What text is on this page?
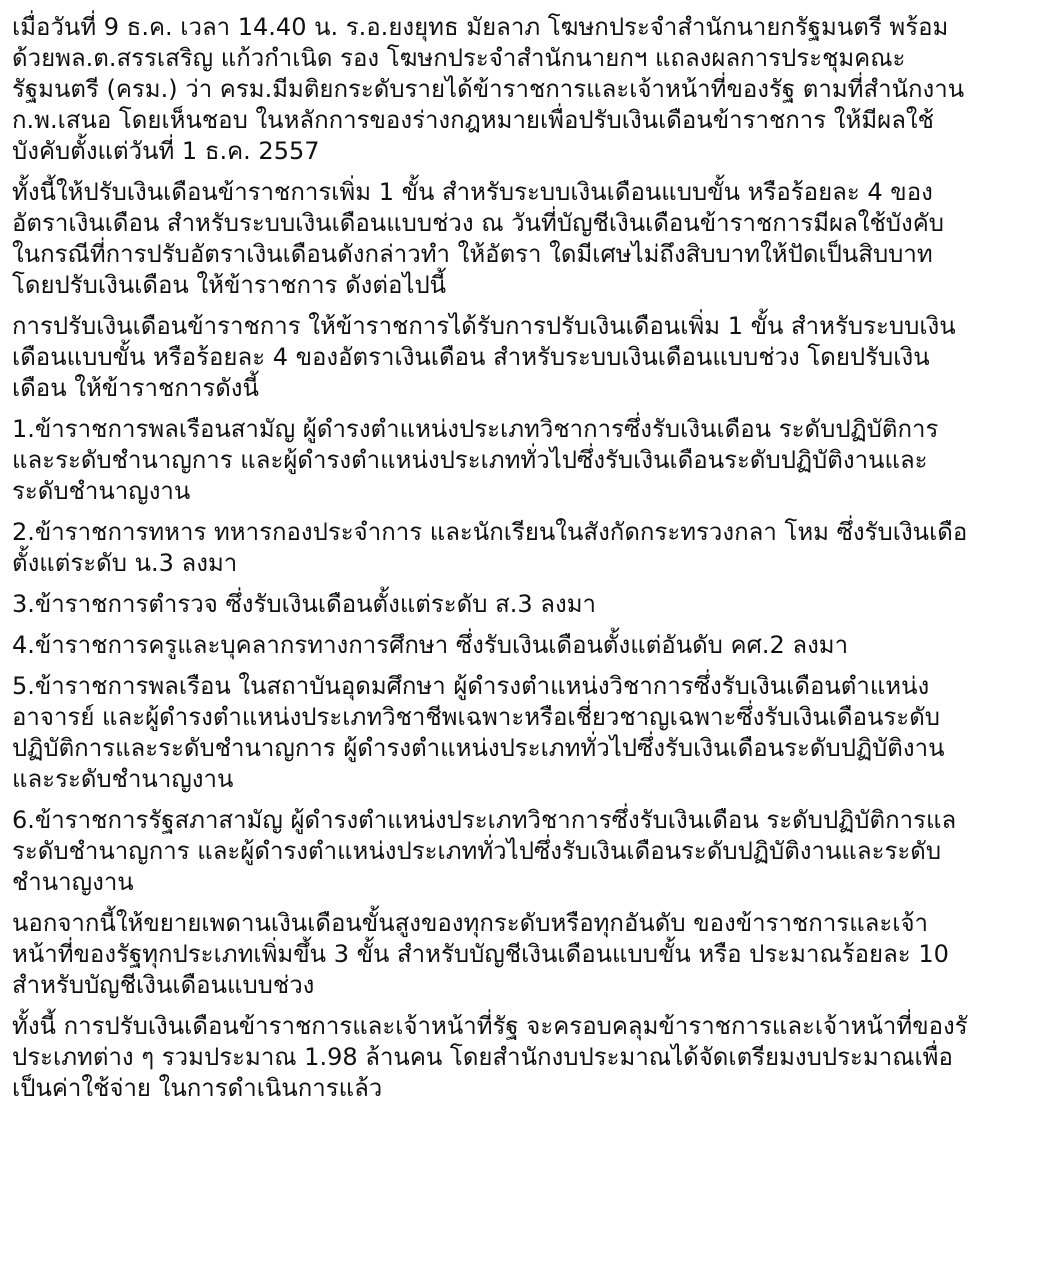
เมื่อวันที่ 9 ธ.ค. เวลา 14.40 น. ร.อ.ยงยุทธ มัยลาภ โฆษกประจำสำนักนายกรัฐมนตรี พร้อม
ด้วยพล.ต.สรรเสริญ แก้วกำเนิด รอง โฆษกประจำสำนักนายกฯ แถลงผลการประชุมคณะ
รัฐมนตรี (ครม.) ว่า ครม.มีมติยกระดับรายได้ข้าราชการและเจ้าหน้าที่ของรัฐ ตามที่สำนักงาน
ก.พ.เสนอ โดยเห็นชอบ ในหลักการของร่างกฎหมายเพื่อปรับเงินเดือนข้าราชการ ให้มีผลใช้
บังคับตั้งแต่วันที่ 1 ธ.ค. 2557

ทั้งนี้ให้ปรับเงินเดือนข้าราชการเพิ่ม 1 ขั้น สำหรับระบบเงินเดือนแบบขั้น หรือร้อยละ 4 ของ
อัตราเงินเดือน สำหรับระบบเงินเดือนแบบช่วง ณ วันที่บัญชีเงินเดือนข้าราชการมีผลใช้บังคับ
ในกรณีที่การปรับอัตราเงินเดือนดังกล่าวทำ ให้อัตรา ใดมีเศษไม่ถึงสิบบาทให้ปัดเป็นสิบบาท
โดยปรับเงินเดือน ให้ข้าราชการ ดังต่อไปนี้

การปรับเงินเดือนข้าราชการ ให้ข้าราชการได้รับการปรับเงินเดือนเพิ่ม 1 ขั้น สำหรับระบบเงิน
เดือนแบบขั้น หรือร้อยละ 4 ของอัตราเงินเดือน สำหรับระบบเงินเดือนแบบช่วง โดยปรับเงิน
เดือน ให้ข้าราชการดังนี้

1.ข้าราชการพลเรือนสามัญ ผู้ดำรงตำแหน่งประเภทวิชาการซึ่งรับเงินเดือน ระดับปฏิบัติการ
และระดับชำนาญการ และผู้ดำรงตำแหน่งประเภททั่วไปซึ่งรับเงินเดือนระดับปฏิบัติงานและ
ระดับชำนาญงาน

2.ข้าราชการทหาร ทหารกองประจำการ และนักเรียนในสังกัดกระทรวงกลา โหม ซึ่งรับเงินเดือ
ตั้งแต่ระดับ น.3 ลงมา

3.ข้าราชการตำรวจ ซึ่งรับเงินเดือนตั้งแต่ระดับ ส.3 ลงมา

4.ข้าราชการครูและบุคลากรทางการศึกษา ซึ่งรับเงินเดือนตั้งแต่อันดับ คศ.2 ลงมา

5.ข้าราชการพลเรือน ในสถาบันอุดมศึกษา ผู้ดำรงตำแหน่งวิชาการซึ่งรับเงินเดือนตำแหน่ง
อาจารย์ และผู้ดำรงตำแหน่งประเภทวิชาชีพเฉพาะหรือเชี่ยวชาญเฉพาะซึ่งรับเงินเดือนระดับ
ปฏิบัติการและระดับชำนาญการ ผู้ดำรงตำแหน่งประเภททั่วไปซึ่งรับเงินเดือนระดับปฏิบัติงาน
และระดับชำนาญงาน

6.ข้าราชการรัฐสภาสามัญ ผู้ดำรงตำแหน่งประเภทวิชาการซึ่งรับเงินเดือน ระดับปฏิบัติการแล
ระดับชำนาญการ และผู้ดำรงตำแหน่งประเภททั่วไปซึ่งรับเงินเดือนระดับปฏิบัติงานและระดับ
ชำนาญงาน

นอกจากนี้ให้ขยายเพดานเงินเดือนขั้นสูงของทุกระดับหรือทุกอันดับ ของข้าราชการและเจ้า
หน้าที่ของรัฐทุกประเภทเพิ่มขึ้น 3 ขั้น สำหรับบัญชีเงินเดือนแบบขั้น หรือ ประมาณร้อยละ 10
สำหรับบัญชีเงินเดือนแบบช่วง

ทั้งนี้ การปรับเงินเดือนข้าราชการและเจ้าหน้าที่รัฐ จะครอบคลุมข้าราชการและเจ้าหน้าที่ของรั
ประเภทต่าง ๆ รวมประมาณ 1.98 ล้านคน โดยสำนักงบประมาณได้จัดเตรียมงบประมาณเพื่อ
เป็นค่าใช้จ่าย ในการดำเนินการแล้ว
